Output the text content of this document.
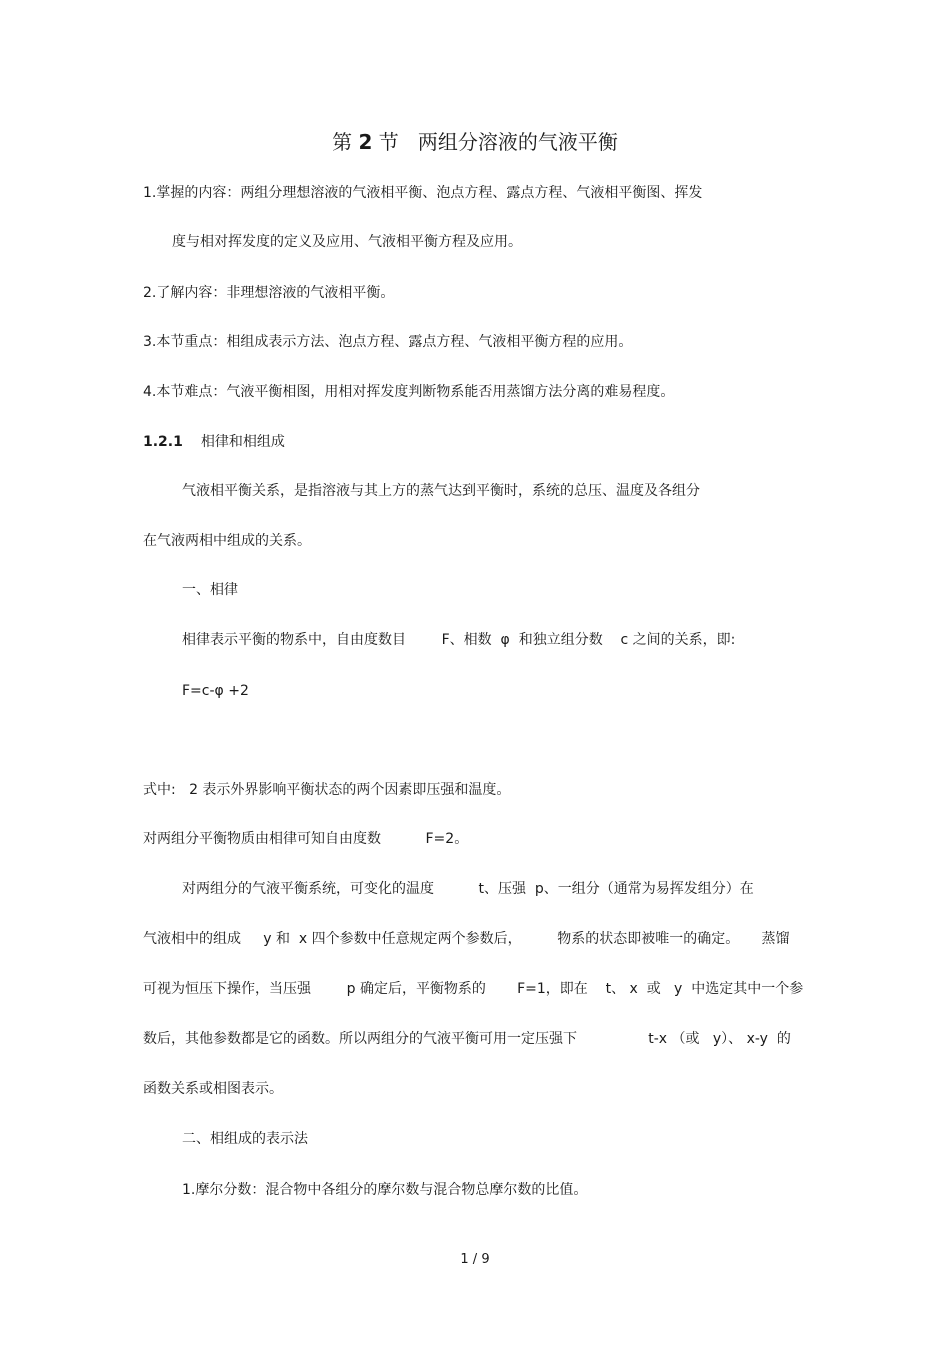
第 2 节   两组分溶液的气液平衡
1.掌握的内容：两组分理想溶液的气液相平衡、泡点方程、露点方程、气液相平衡图、挥发
度与相对挥发度的定义及应用、气液相平衡方程及应用。
2.了解内容：非理想溶液的气液相平衡。
3.本节重点：相组成表示方法、泡点方程、露点方程、气液相平衡方程的应用。
4.本节难点：气液平衡相图，用相对挥发度判断物系能否用蒸馏方法分离的难易程度。
1.2.1 相律和相组成
气液相平衡关系，是指溶液与其上方的蒸气达到平衡时，系统的总压、温度及各组分
在气液两相中组成的关系。
一、相律
相律表示平衡的物系中，自由度数目        F、相数  φ  和独立组分数    c 之间的关系，即:
F=c-φ +2
式中:   2 表示外界影响平衡状态的两个因素即压强和温度。
对两组分平衡物质由相律可知自由度数          F=2。
对两组分的气液平衡系统，可变化的温度          t、压强  p、一组分（通常为易挥发组分）在
气液相中的组成     y 和  x 四个参数中任意规定两个参数后，        物系的状态即被唯一的确定。     蒸馏
可视为恒压下操作，当压强        p 确定后，平衡物系的       F=1，即在    t、 x  或   y  中选定其中一个参
数后，其他参数都是它的函数。所以两组分的气液平衡可用一定压强下                t-x （或   y）、 x-y  的
函数关系或相图表示。
二、相组成的表示法
1.摩尔分数：混合物中各组分的摩尔数与混合物总摩尔数的比值。
1 / 9
